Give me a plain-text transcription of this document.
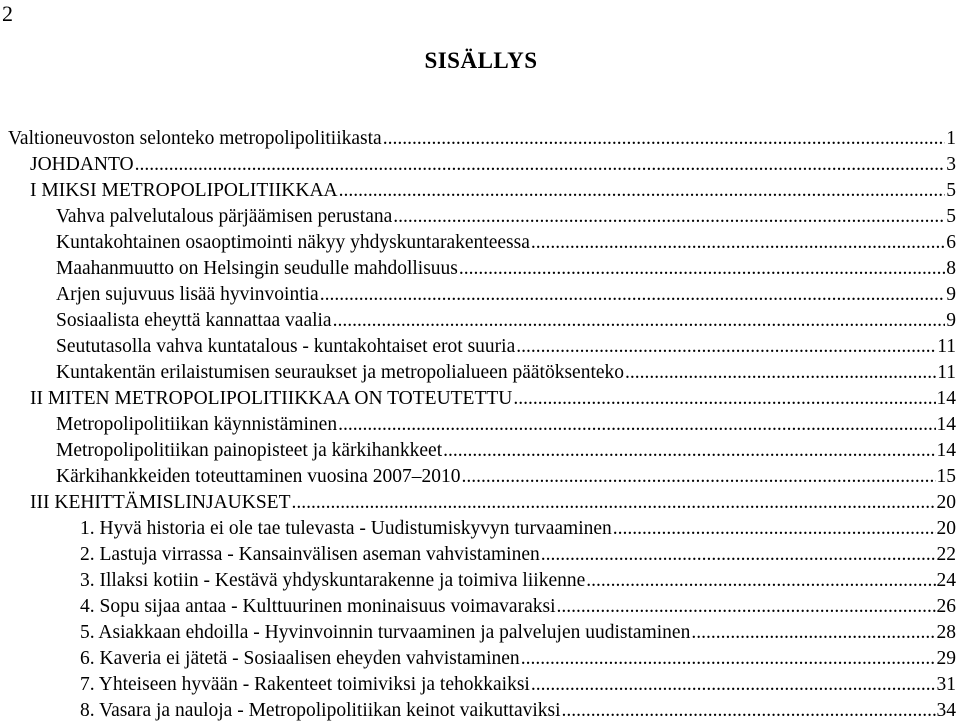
2
SISÄLLYS
Valtioneuvoston selonteko metropolipolitiikasta .....	1
JOHDANTO .....	3
I MIKSI METROPOLIPOLITIIKKAA .....	5
Vahva palvelutalous pärjäämisen perustana .....	5
Kuntakohtainen osaoptimointi näkyy yhdyskuntarakenteessa .....	6
Maahanmuutto on Helsingin seudulle mahdollisuus .....	8
Arjen sujuvuus lisää hyvinvointia .....	9
Sosiaalista eheyttä kannattaa vaalia .....	9
Seututasolla vahva kuntatalous - kuntakohtaiset erot suuria .....	11
Kuntakentän erilaistumisen seuraukset ja metropolialueen päätöksenteko .....	11
II MITEN METROPOLIPOLITIIKKAA ON TOTEUTETTU .....	14
Metropolipolitiikan käynnistäminen .....	14
Metropolipolitiikan painopisteet ja kärkihankkeet .....	14
Kärkihankkeiden toteuttaminen vuosina 2007–2010 .....	15
III KEHITTÄMISLINJAUKSET .....	20
1. Hyvä historia ei ole tae tulevasta - Uudistumiskyvyn turvaaminen .....	20
2. Lastuja virrassa - Kansainvälisen aseman vahvistaminen .....	22
3. Illaksi kotiin - Kestävä yhdyskuntarakenne ja toimiva liikenne .....	24
4. Sopu sijaa antaa - Kulttuurinen moninaisuus voimavaraksi .....	26
5. Asiakkaan ehdoilla - Hyvinvoinnin turvaaminen ja palvelujen uudistaminen .....	28
6. Kaveria ei jätetä - Sosiaalisen eheyden vahvistaminen .....	29
7. Yhteiseen hyvään - Rakenteet toimiviksi ja tehokkaiksi .....	31
8. Vasara ja nauloja - Metropolipolitiikan keinot vaikuttaviksi .....	34
